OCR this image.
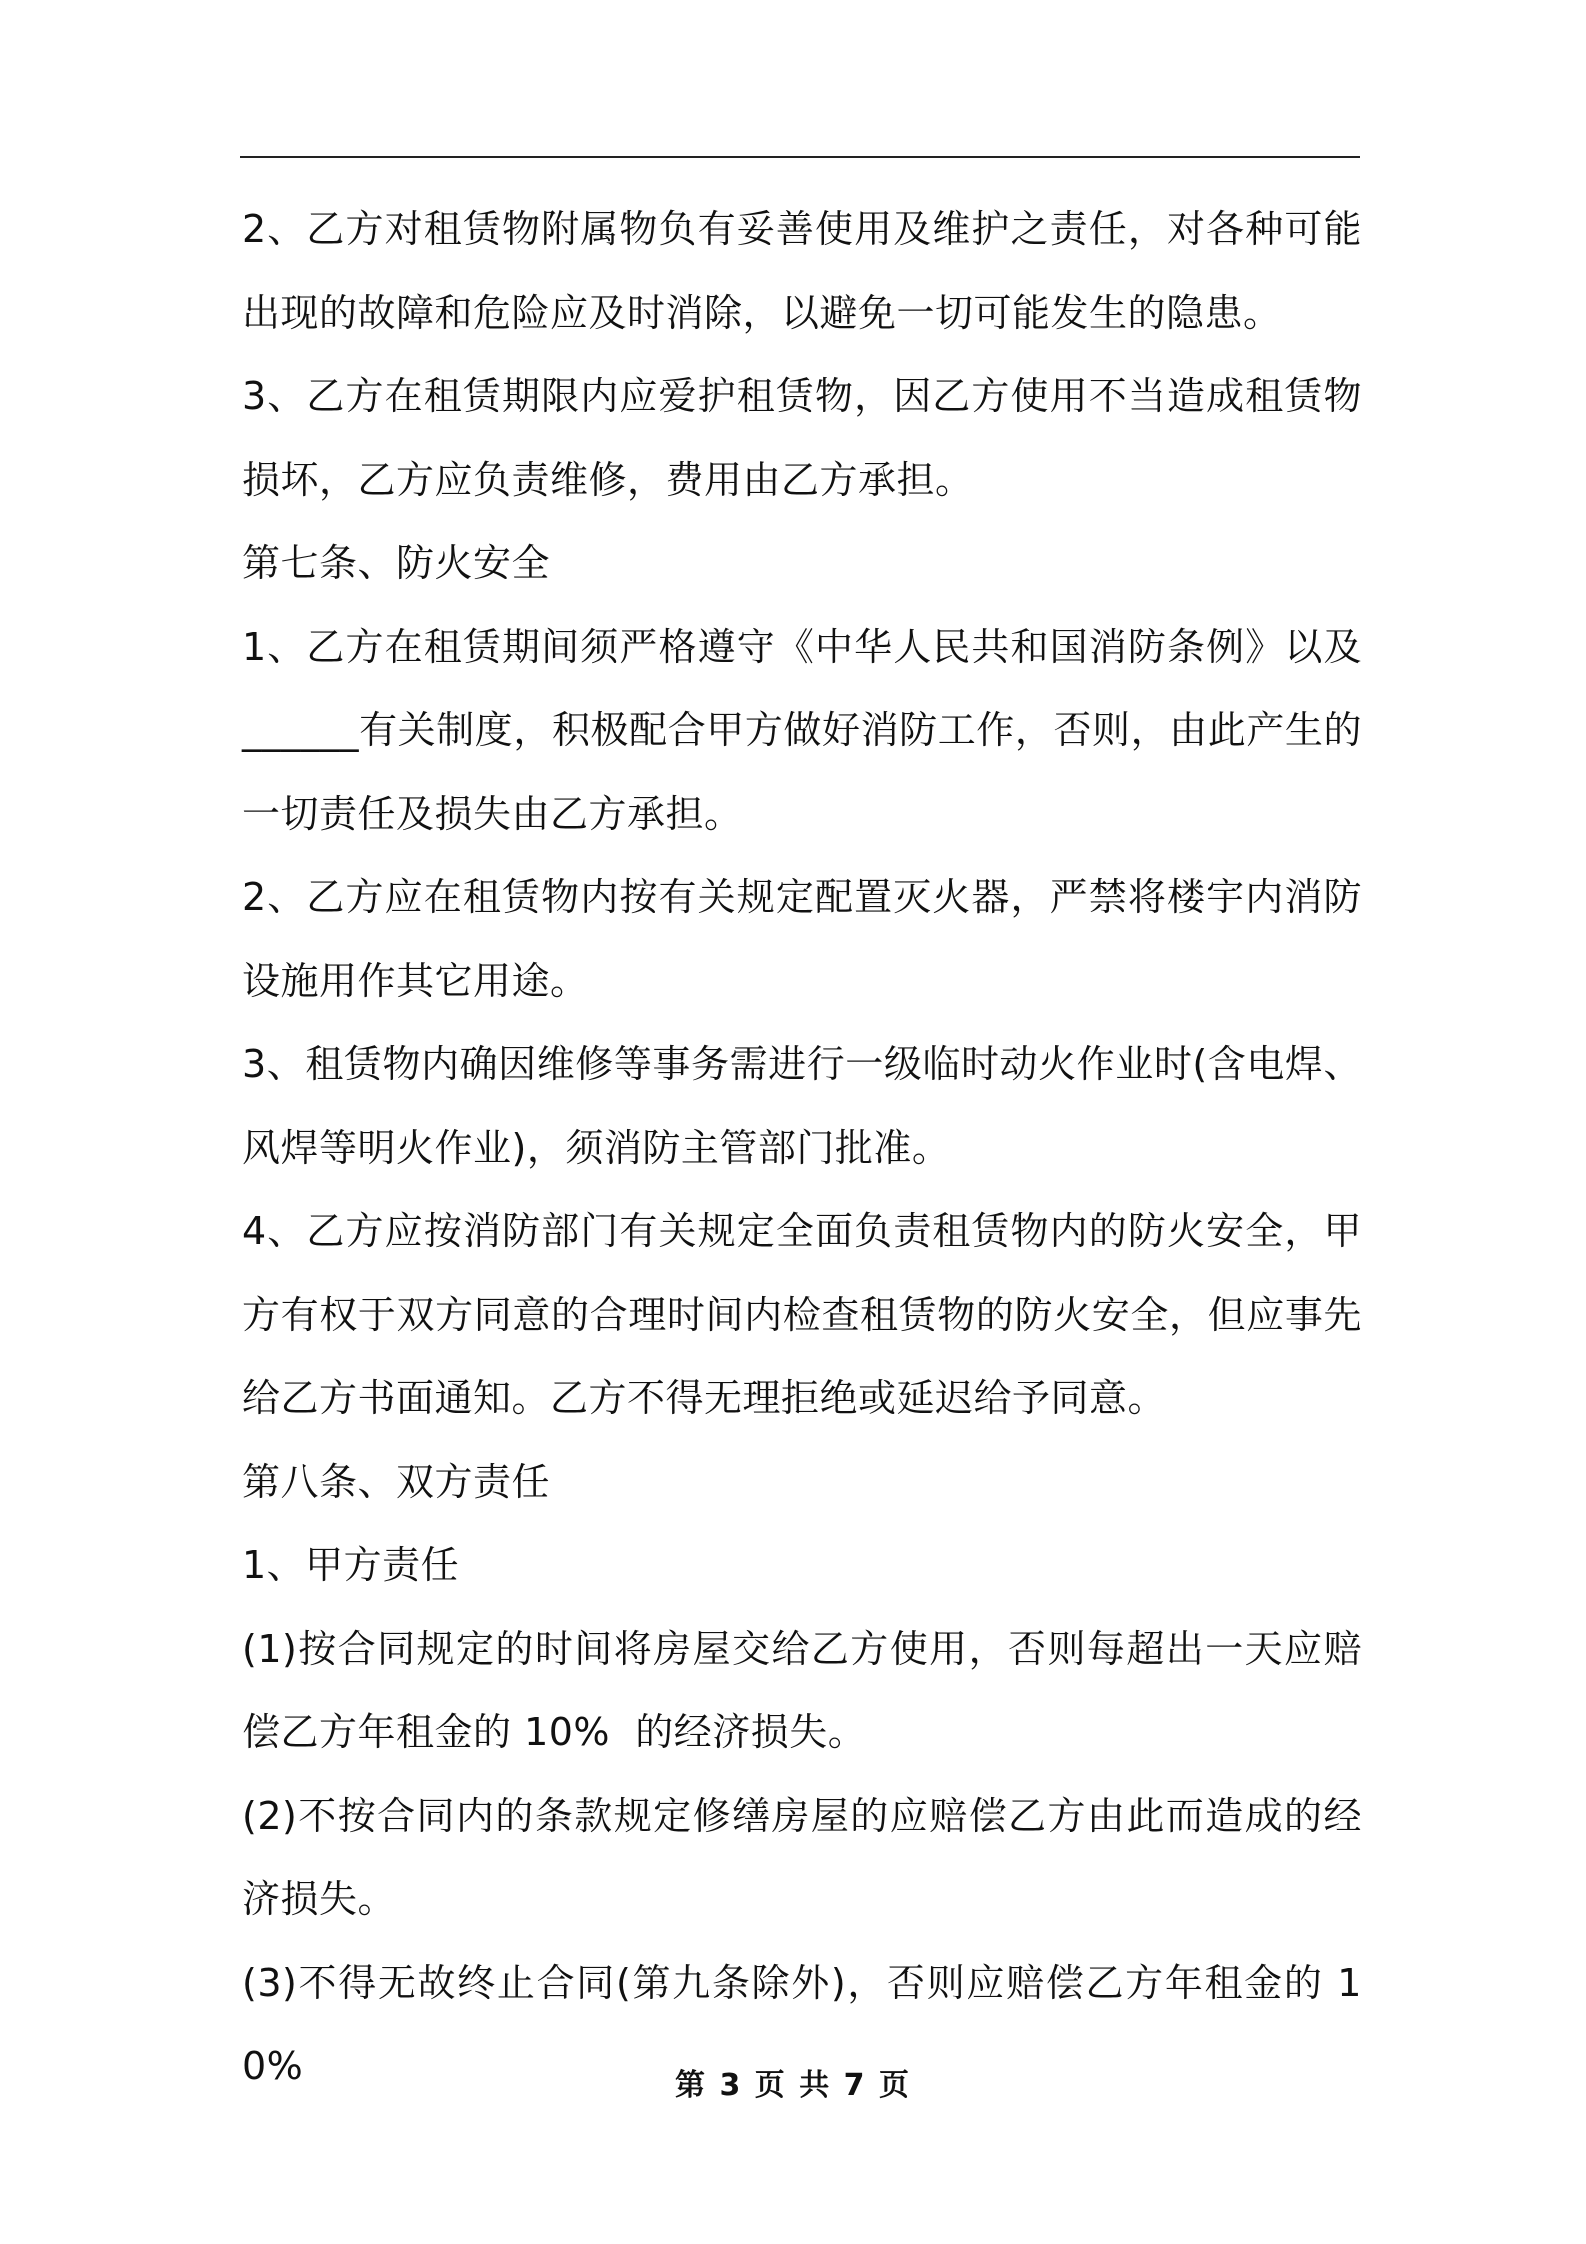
2、乙方对租赁物附属物负有妥善使用及维护之责任，对各种可能出现的故障和危险应及时消除，以避免一切可能发生的隐患。

3、乙方在租赁期限内应爱护租赁物，因乙方使用不当造成租赁物损坏，乙方应负责维修，费用由乙方承担。

第七条、防火安全

1、乙方在租赁期间须严格遵守《中华人民共和国消防条例》以及______有关制度，积极配合甲方做好消防工作，否则，由此产生的一切责任及损失由乙方承担。

2、乙方应在租赁物内按有关规定配置灭火器，严禁将楼宇内消防设施用作其它用途。

3、租赁物内确因维修等事务需进行一级临时动火作业时(含电焊、风焊等明火作业)，须消防主管部门批准。

4、乙方应按消防部门有关规定全面负责租赁物内的防火安全，甲方有权于双方同意的合理时间内检查租赁物的防火安全，但应事先给乙方书面通知。乙方不得无理拒绝或延迟给予同意。

第八条、双方责任

1、甲方责任

(1)按合同规定的时间将房屋交给乙方使用，否则每超出一天应赔偿乙方年租金的 10%  的经济损失。

(2)不按合同内的条款规定修缮房屋的应赔偿乙方由此而造成的经济损失。

(3)不得无故终止合同(第九条除外)，否则应赔偿乙方年租金的 10%	第 3 页 共 7 页
